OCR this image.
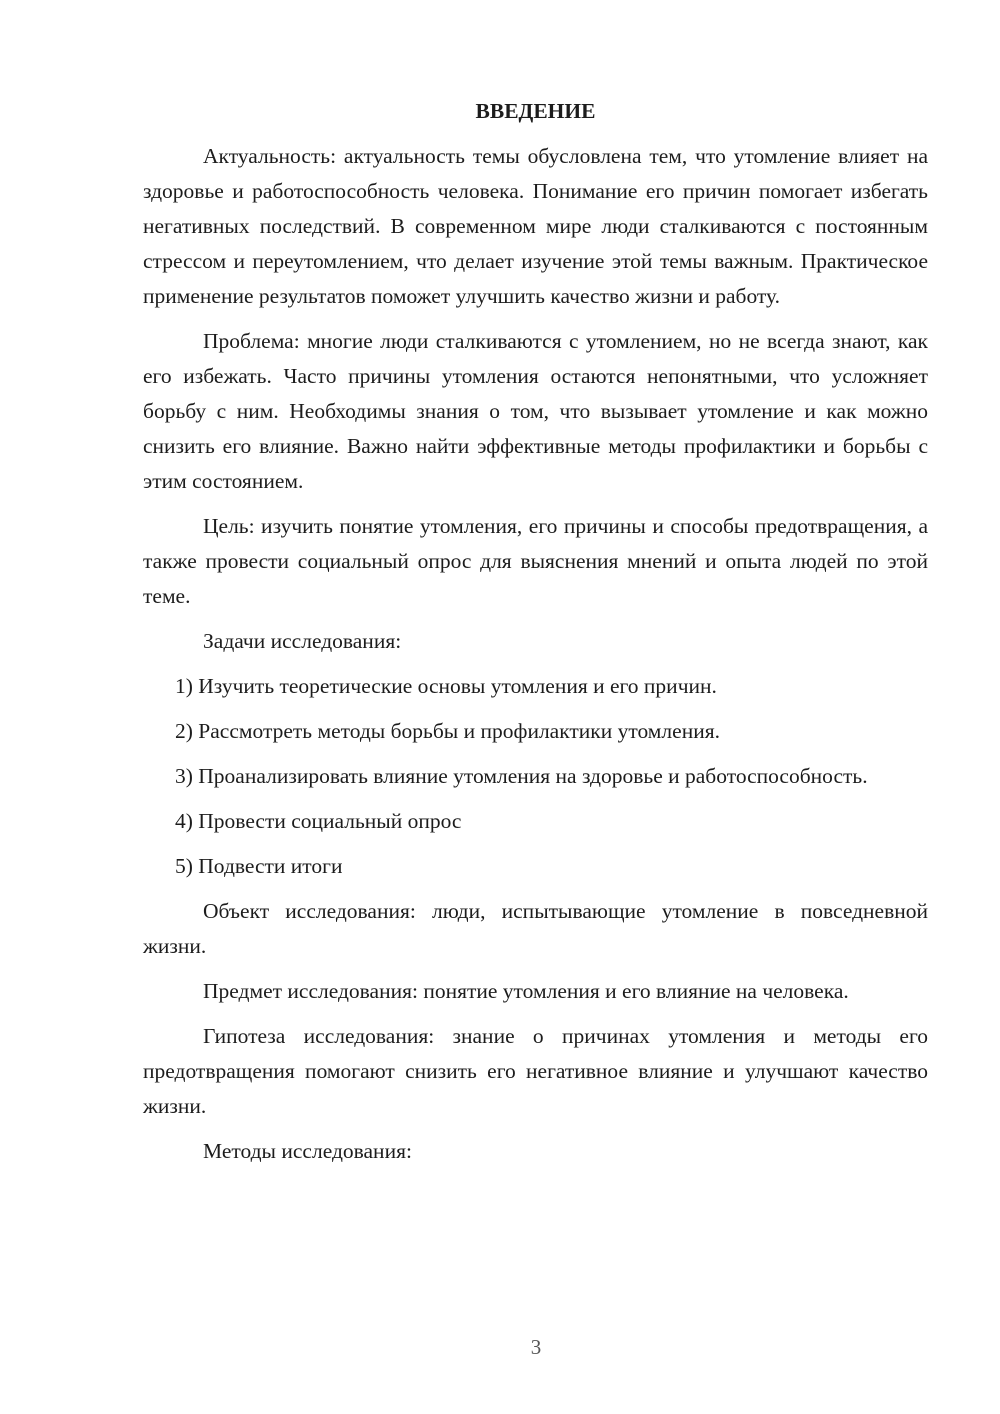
ВВЕДЕНИЕ

Актуальность: актуальность темы обусловлена тем, что утомление влияет на здоровье и работоспособность человека. Понимание его причин помогает избегать негативных последствий. В современном мире люди сталкиваются с постоянным стрессом и переутомлением, что делает изучение этой темы важным. Практическое применение результатов поможет улучшить качество жизни и работу.

Проблема: многие люди сталкиваются с утомлением, но не всегда знают, как его избежать. Часто причины утомления остаются непонятными, что усложняет борьбу с ним. Необходимы знания о том, что вызывает утомление и как можно снизить его влияние. Важно найти эффективные методы профилактики и борьбы с этим состоянием.

Цель: изучить понятие утомления, его причины и способы предотвращения, а также провести социальный опрос для выяснения мнений и опыта людей по этой теме.

Задачи исследования:

1) Изучить теоретические основы утомления и его причин.

2) Рассмотреть методы борьбы и профилактики утомления.

3) Проанализировать влияние утомления на здоровье и работоспособность.

4) Провести социальный опрос

5) Подвести итоги

Объект исследования: люди, испытывающие утомление в повседневной жизни.

Предмет исследования: понятие утомления и его влияние на человека.

Гипотеза исследования: знание о причинах утомления и методы его предотвращения помогают снизить его негативное влияние и улучшают качество жизни.

Методы исследования:

3
